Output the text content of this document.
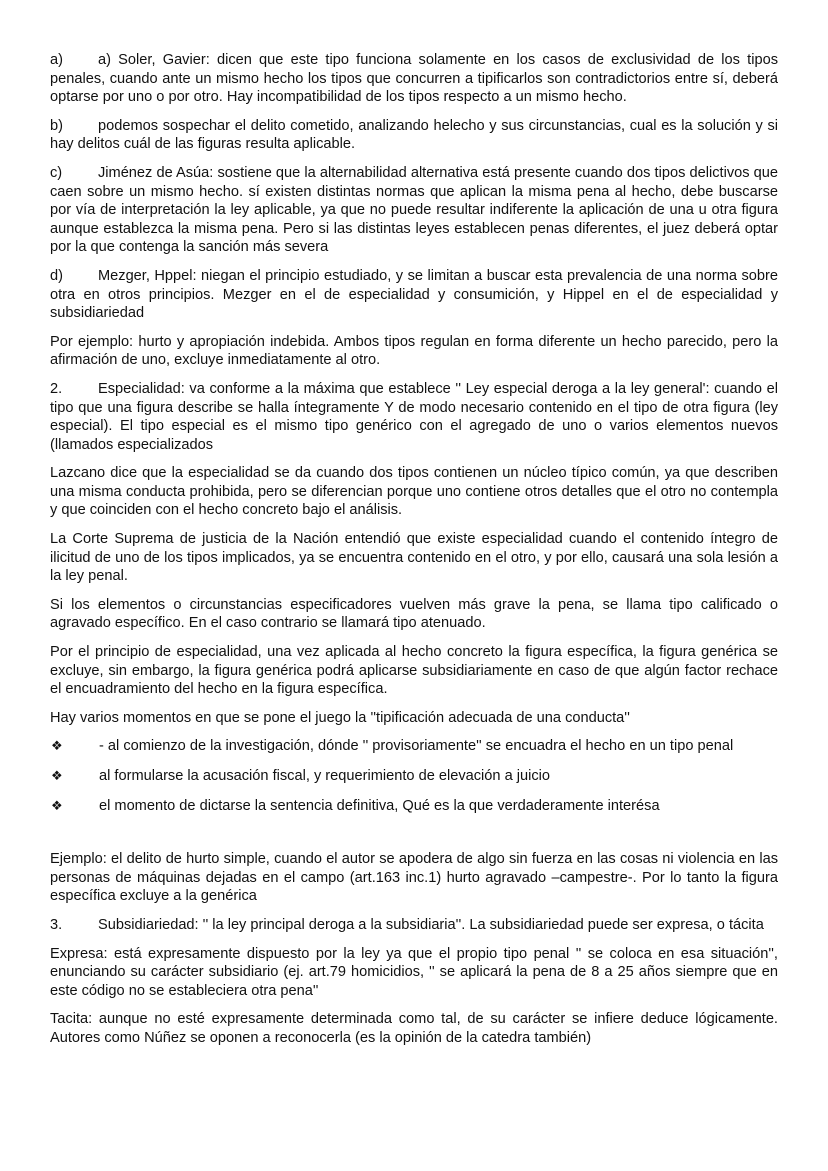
a) a) Soler, Gavier: dicen que este tipo funciona solamente en los casos de exclusividad de los tipos penales, cuando ante un mismo hecho los tipos que concurren a tipificarlos son contradictorios entre sí, deberá optarse por uno o por otro. Hay incompatibilidad de los tipos respecto a un mismo hecho.

b) podemos sospechar el delito cometido, analizando helecho y sus circunstancias, cual es la solución y si hay delitos cuál de las figuras resulta aplicable.

c) Jiménez de Asúa: sostiene que la alternabilidad alternativa está presente cuando dos tipos delictivos que caen sobre un mismo hecho. sí existen distintas normas que aplican la misma pena al hecho, debe buscarse por vía de interpretación la ley aplicable, ya que no puede resultar indiferente la aplicación de una u otra figura aunque establezca la misma pena. Pero si las distintas leyes establecen penas diferentes, el juez deberá optar por la que contenga la sanción más severa

d) Mezger, Hppel: niegan el principio estudiado, y se limitan a buscar esta prevalencia de una norma sobre otra en otros principios. Mezger en el de especialidad y consumición, y Hippel en el de especialidad y subsidiariedad

Por ejemplo: hurto y apropiación indebida. Ambos tipos regulan en forma diferente un hecho parecido, pero la afirmación de uno, excluye inmediatamente al otro.

2. Especialidad: va conforme a la máxima que establece '' Ley especial deroga a la ley general': cuando el tipo que una figura describe se halla íntegramente Y de modo necesario contenido en el tipo de otra figura (ley especial). El tipo especial es el mismo tipo genérico con el agregado de uno o varios elementos nuevos (llamados especializados

Lazcano dice que la especialidad se da cuando dos tipos contienen un núcleo típico común, ya que describen una misma conducta prohibida, pero se diferencian porque uno contiene otros detalles que el otro no contempla y que coinciden con el hecho concreto bajo el análisis.

La Corte Suprema de justicia de la Nación entendió que existe especialidad cuando el contenido íntegro de ilicitud de uno de los tipos implicados, ya se encuentra contenido en el otro, y por ello, causará una sola lesión a la ley penal.

Si los elementos o circunstancias especificadores vuelven más grave la pena, se llama tipo calificado o agravado específico. En el caso contrario se llamará tipo atenuado.

Por el principio de especialidad, una vez aplicada al hecho concreto la figura específica, la figura genérica se excluye, sin embargo, la figura genérica podrá aplicarse subsidiariamente en caso de que algún factor rechace el encuadramiento del hecho en la figura específica.

Hay varios momentos en que se pone el juego la ''tipificación adecuada de una conducta''

❖	- al comienzo de la investigación, dónde '' provisoriamente'' se encuadra el hecho en un tipo penal
❖	al formularse la acusación fiscal, y requerimiento de elevación a juicio
❖	el momento de dictarse la sentencia definitiva, Qué es la que verdaderamente interésa

Ejemplo: el delito de hurto simple, cuando el autor se apodera de algo sin fuerza en las cosas ni violencia en las personas de máquinas dejadas en el campo (art.163 inc.1) hurto agravado –campestre-. Por lo tanto la figura específica excluye a la genérica

3. Subsidiariedad: '' la ley principal deroga a la subsidiaria''. La subsidiariedad puede ser expresa, o tácita

Expresa: está expresamente dispuesto por la ley ya que el propio tipo penal '' se coloca en esa situación'', enunciando su carácter subsidiario (ej. art.79 homicidios, '' se aplicará la pena de 8 a 25 años siempre que en este código no se estableciera otra pena''

Tacita: aunque no esté expresamente determinada como tal, de su carácter se infiere deduce lógicamente. Autores como Núñez se oponen a reconocerla (es la opinión de la catedra también)
